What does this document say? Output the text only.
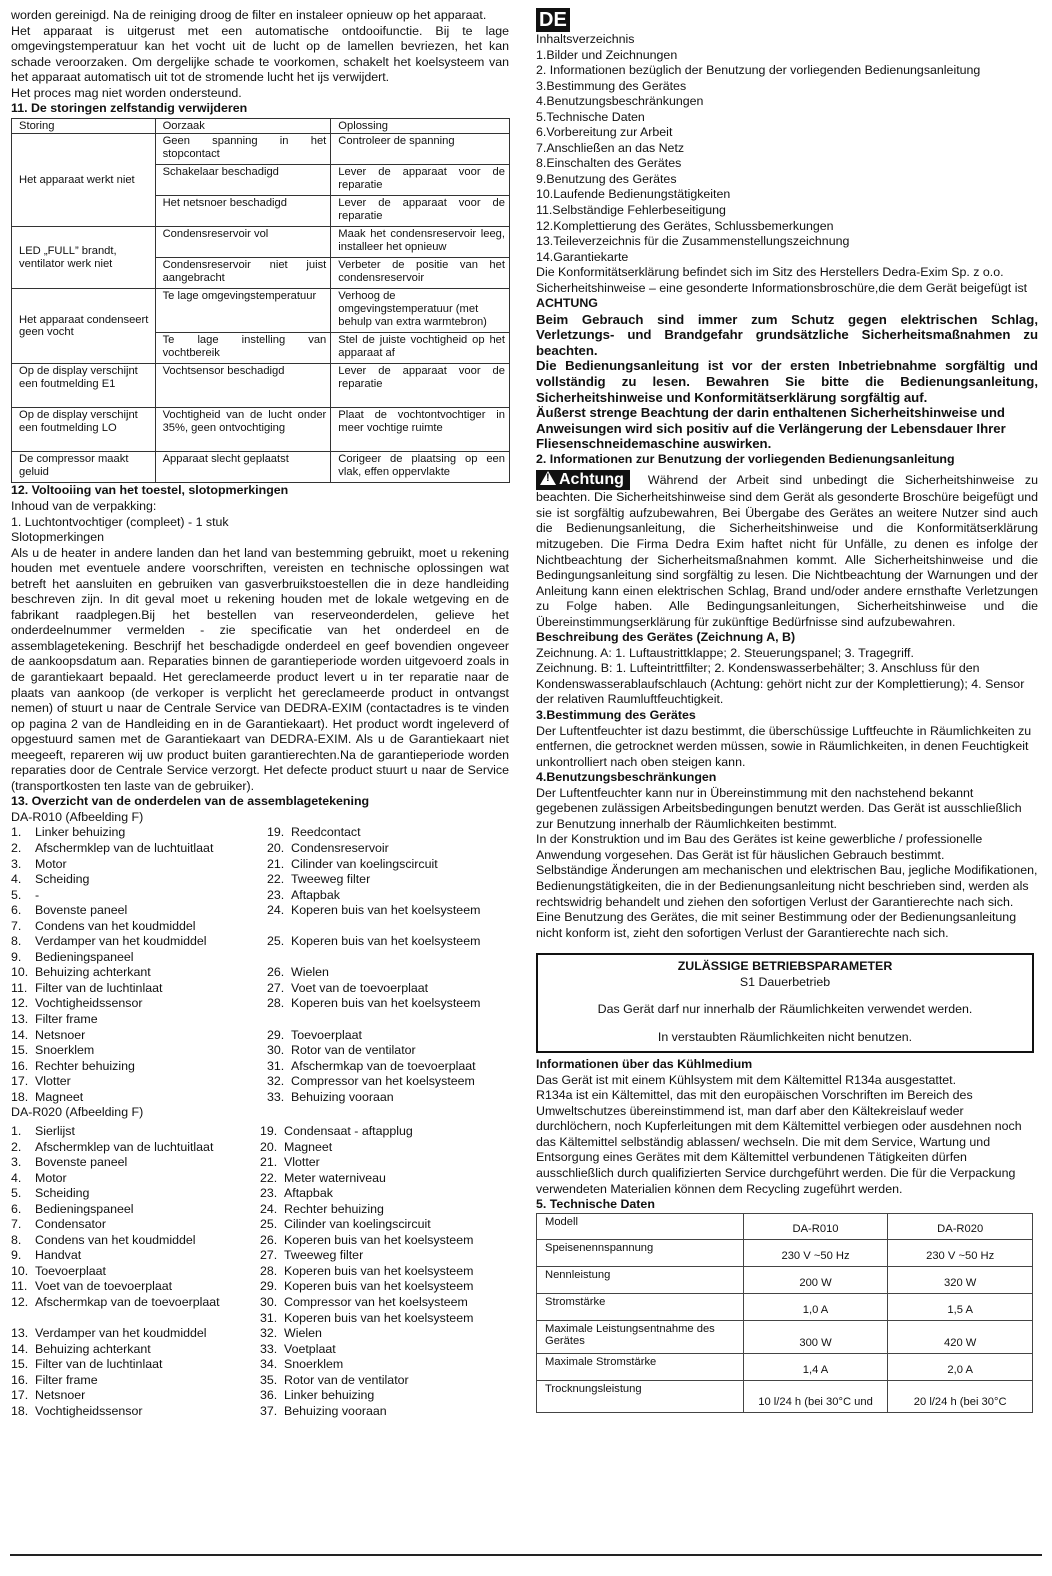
worden gereinigd. Na de reiniging droog de filter en instaleer opnieuw op het apparaat.

Het apparaat is uitgerust met een automatische ontdooifunctie. Bij te lage omgevingstemperatuur kan het vocht uit de lucht op de lamellen bevriezen, het kan schade veroorzaken. Om dergelijke schade te voorkomen, schakelt het koelsysteem van het apparaat automatisch uit tot de stromende lucht het ijs verwijdert.

Het proces mag niet worden ondersteund.

11. De storingen zelfstandig verwijderen

Storing	Oorzaak	Oplossing
Het apparaat werkt niet	Geen spanning in het stopcontact	Controleer de spanning
	Schakelaar beschadigd	Lever de apparaat voor de reparatie
	Het netsnoer beschadigd	Lever de apparaat voor de reparatie
LED „FULL” brandt, ventilator werk niet	Condensreservoir vol	Maak het condensreservoir leeg, installeer het opnieuw
	Condensreservoir niet juist aangebracht	Verbeter de positie van het condensreservoir
Het apparaat condenseert geen vocht	Te lage omgevingstemperatuur	Verhoog de omgevingstemperatuur (met behulp van extra warmtebron)
	Te lage instelling van vochtbereik	Stel de juiste vochtigheid op het apparaat af
Op de display verschijnt een foutmelding E1	Vochtsensor beschadigd	Lever de apparaat voor de reparatie
Op de display verschijnt een foutmelding LO	Vochtigheid van de lucht onder 35%, geen ontvochtiging	Plaat de vochtontvochtiger in meer vochtige ruimte
De compressor maakt geluid	Apparaat slecht geplaatst	Corigeer de plaatsing op een vlak, effen oppervlakte

12. Voltooiing van het toestel, slotopmerkingen

Inhoud van de verpakking:

1. Luchtontvochtiger (compleet) - 1 stuk

Slotopmerkingen

Als u de heater in andere landen dan het land van bestemming gebruikt, moet u rekening houden met eventuele andere voorschriften, vereisten en technische oplossingen wat betreft het aansluiten en gebruiken van gasverbruikstoestellen die in deze handleiding beschreven zijn. In dit geval moet u rekening houden met de lokale wetgeving en de fabrikant raadplegen.Bij het bestellen van reserveonderdelen, gelieve het onderdeelnummer vermelden - zie specificatie van het onderdeel en de assemblagetekening. Beschrijf het beschadigde onderdeel en geef bovendien ongeveer de aankoopsdatum aan. Reparaties binnen de garantieperiode worden uitgevoerd zoals in de garantiekaart bepaald. Het gereclameerde product levert u in ter reparatie naar de plaats van aankoop (de verkoper is verplicht het gereclameerde product in ontvangst nemen) of stuurt u naar de Centrale Service van DEDRA-EXIM (contactadres is te vinden op pagina 2 van de Handleiding en in de Garantiekaart). Het product wordt ingeleverd of opgestuurd samen met de Garantiekaart van DEDRA-EXIM. Als u de Garantiekaart niet meegeeft, repareren wij uw product buiten garantierechten.Na de garantieperiode worden reparaties door de Centrale Service verzorgt. Het defecte product stuurt u naar de Service (transportkosten ten laste van de gebruiker).

13. Overzicht van de onderdelen van de assemblagetekening

DA-R010 (Afbeelding F)

1. Linker behuizing
2. Afschermklep van de luchtuitlaat
3. Motor
4. Scheiding
5. -
6. Bovenste paneel
7. Condens van het koudmiddel
8. Verdamper van het koudmiddel
9. Bedieningspaneel
10. Behuizing achterkant
11. Filter van de luchtinlaat
12. Vochtigheidssensor
13. Filter frame
14. Netsnoer
15. Snoerklem
16. Rechter behuizing
17. Vlotter
18. Magneet
19. Reedcontact
20. Condensreservoir
21. Cilinder van koelingscircuit
22. Tweeweg filter
23. Aftapbak
24. Koperen buis van het koelsysteem
25. Koperen buis van het koelsysteem
26. Wielen
27. Voet van de toevoerplaat
28. Koperen buis van het koelsysteem
29. Toevoerplaat
30. Rotor van de ventilator
31. Afschermkap van de toevoerplaat
32. Compressor van het koelsysteem
33. Behuizing vooraan

DA-R020 (Afbeelding F)

1. Sierlijst
2. Afschermklep van de luchtuitlaat
3. Bovenste paneel
4. Motor
5. Scheiding
6. Bedieningspaneel
7. Condensator
8. Condens van het koudmiddel
9. Handvat
10. Toevoerplaat
11. Voet van de toevoerplaat
12. Afschermkap van de toevoerplaat
13. Verdamper van het koudmiddel
14. Behuizing achterkant
15. Filter van de luchtinlaat
16. Filter frame
17. Netsnoer
18. Vochtigheidssensor
19. Condensaat - aftapplug
20. Magneet
21. Vlotter
22. Meter waterniveau
23. Aftapbak
24. Rechter behuizing
25. Cilinder van koelingscircuit
26. Koperen buis van het koelsysteem
27. Tweeweg filter
28. Koperen buis van het koelsysteem
29. Koperen buis van het koelsysteem
30. Compressor van het koelsysteem
31. Koperen buis van het koelsysteem
32. Wielen
33. Voetplaat
34. Snoerklem
35. Rotor van de ventilator
36. Linker behuizing
37. Behuizing vooraan
DE

Inhaltsverzeichnis

1.Bilder und Zeichnungen

2. Informationen bezüglich der Benutzung der vorliegenden Bedienungsanleitung

3.Bestimmung des Gerätes

4.Benutzungsbeschränkungen

5.Technische Daten

6.Vorbereitung zur Arbeit

7.Anschließen an das Netz

8.Einschalten des Gerätes

9.Benutzung des Gerätes

10.Laufende Bedienungstätigkeiten

11.Selbständige Fehlerbeseitigung

12.Komplettierung des Gerätes, Schlussbemerkungen

13.Teileverzeichnis für die Zusammenstellungszeichnung

14.Garantiekarte

Die Konformitätserklärung befindet sich im Sitz des Herstellers Dedra-Exim Sp. z o.o.

Sicherheitshinweise – eine gesonderte Informationsbroschüre,die dem Gerät beigefügt ist

ACHTUNG

Beim Gebrauch sind immer zum Schutz gegen elektrischen Schlag, Verletzungs- und Brandgefahr grundsätzliche Sicherheitsmaßnahmen zu beachten.

Die Bedienungsanleitung ist vor der ersten Inbetriebnahme sorgfältig und vollständig zu lesen. Bewahren Sie bitte die Bedienungsanleitung, Sicherheitshinweise und Konformitätserklärung sorgfältig auf.

Äußerst strenge Beachtung der darin enthaltenen Sicherheitshinweise und Anweisungen wird sich positiv auf die Verlängerung der Lebensdauer Ihrer Fliesenschneidemaschine auswirken.

2. Informationen zur Benutzung der vorliegenden Bedienungsanleitung

! Achtung Während der Arbeit sind unbedingt die Sicherheitshinweise zu beachten. Die Sicherheitshinweise sind dem Gerät als gesonderte Broschüre beigefügt und sie ist sorgfältig aufzubewahren, Bei Übergabe des Gerätes an weitere Nutzer sind auch die Bedienungsanleitung, die Sicherheitshinweise und die Konformitätserklärung mitzugeben. Die Firma Dedra Exim haftet nicht für Unfälle, zu denen es infolge der Nichtbeachtung der Sicherheitsmaßnahmen kommt. Alle Sicherheitshinweise und die Bedingungsanleitung sind sorgfältig zu lesen. Die Nichtbeachtung der Warnungen und der Anleitung kann einen elektrischen Schlag, Brand und/oder andere ernsthafte Verletzungen zu Folge haben. Alle Bedingungsanleitungen, Sicherheitshinweise und die Übereinstimmungserklärung für zukünftige Bedürfnisse sind aufzubewahren.

Beschreibung des Gerätes (Zeichnung A, B)

Zeichnung. A: 1. Luftaustrittklappe; 2. Steuerungspanel; 3. Tragegriff.

Zeichnung. B: 1. Lufteintrittfilter; 2. Kondenswasserbehälter; 3. Anschluss für den Kondenswasserablaufschlauch (Achtung: gehört nicht zur der Komplettierung); 4. Sensor der relativen Raumluftfeuchtigkeit.

3.Bestimmung des Gerätes

Der Luftentfeuchter ist dazu bestimmt, die überschüssige Luftfeuchte in Räumlichkeiten zu entfernen, die getrocknet werden müssen, sowie in Räumlichkeiten, in denen Feuchtigkeit unkontrolliert nach oben steigen kann.

4.Benutzungsbeschränkungen

Der Luftentfeuchter kann nur in Übereinstimmung mit den nachstehend bekannt gegebenen zulässigen Arbeitsbedingungen benutzt werden. Das Gerät ist ausschließlich zur Benutzung innerhalb der Räumlichkeiten bestimmt.

In der Konstruktion und im Bau des Gerätes ist keine gewerbliche / professionelle Anwendung vorgesehen. Das Gerät ist für häuslichen Gebrauch bestimmt.

Selbständige Änderungen am mechanischen und elektrischen Bau, jegliche Modifikationen, Bedienungstätigkeiten, die in der Bedienungsanleitung nicht beschrieben sind, werden als rechtswidrig behandelt und ziehen den sofortigen Verlust der Garantierechte nach sich.

Eine Benutzung des Gerätes, die mit seiner Bestimmung oder der Bedienungsanleitung nicht konform ist, zieht den sofortigen Verlust der Garantierechte nach sich.

ZULÄSSIGE BETRIEBSPARAMETER

S1 Dauerbetrieb

Das Gerät darf nur innerhalb der Räumlichkeiten verwendet werden.

In verstaubten Räumlichkeiten nicht benutzen.

Informationen über das Kühlmedium

Das Gerät ist mit einem Kühlsystem mit dem Kältemittel R134a ausgestattet.

R134a ist ein Kältemittel, das mit den europäischen Vorschriften im Bereich des Umweltschutzes übereinstimmend ist, man darf aber den Kältekreislauf weder durchlöchern, noch Kupferleitungen mit dem Kältemittel verbiegen oder ausdehnen noch das Kältemittel selbständig ablassen/ wechseln. Die mit dem Service, Wartung und Entsorgung eines Gerätes mit dem Kältemittel verbundenen Tätigkeiten dürfen ausschließlich durch qualifizierten Service durchgeführt werden. Die für die Verpackung verwendeten Materialien können dem Recycling zugeführt werden.

5. Technische Daten

Modell	DA-R010	DA-R020
Speisenennspannung	230 V ~50 Hz	230 V ~50 Hz
Nennleistung	200 W	320 W
Stromstärke	1,0 A	1,5 A
Maximale Leistungsentnahme des Gerätes	300 W	420 W
Maximale Stromstärke	1,4 A	2,0 A
Trocknungsleistung	10 l/24 h (bei 30°C und	20 l/24 h (bei 30°C
